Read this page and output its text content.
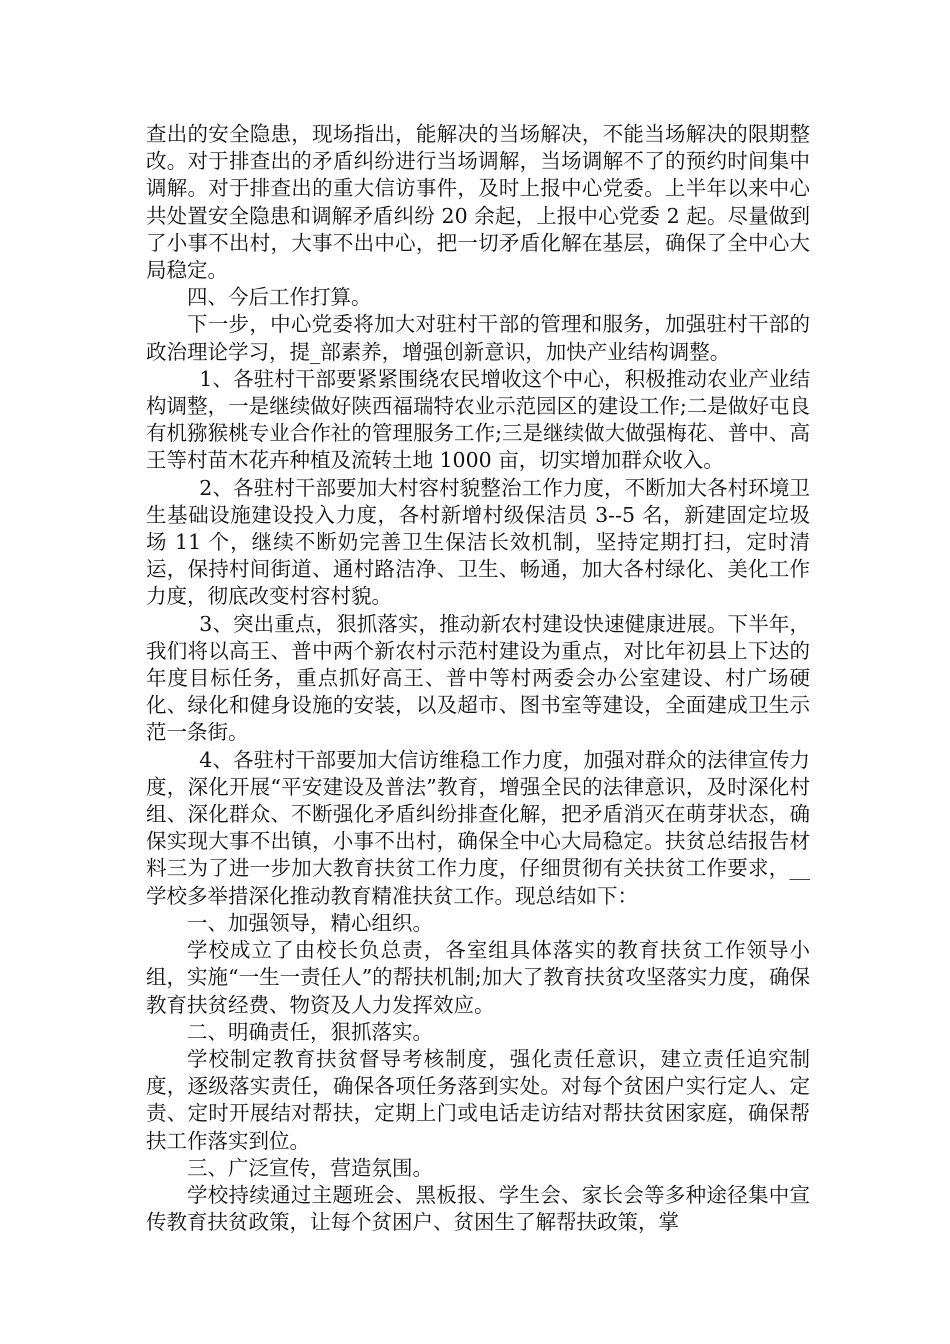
查出的安全隐患，现场指出，能解决的当场解决，不能当场解决的限期整改。对于排查出的矛盾纠纷进行当场调解，当场调解不了的预约时间集中调解。对于排查出的重大信访事件，及时上报中心党委。上半年以来中心共处置安全隐患和调解矛盾纠纷 20 余起，上报中心党委 2 起。尽量做到了小事不出村，大事不出中心，把一切矛盾化解在基层，确保了全中心大局稳定。

四、今后工作打算。

下一步，中心党委将加大对驻村干部的管理和服务，加强驻村干部的政治理论学习，提_部素养，增强创新意识，加快产业结构调整。

1、各驻村干部要紧紧围绕农民增收这个中心，积极推动农业产业结构调整，一是继续做好陕西福瑞特农业示范园区的建设工作;二是做好屯良有机猕猴桃专业合作社的管理服务工作;三是继续做大做强梅花、普中、高王等村苗木花卉种植及流转土地 1000 亩，切实增加群众收入。

2、各驻村干部要加大村容村貌整治工作力度，不断加大各村环境卫生基础设施建设投入力度，各村新增村级保洁员 3--5 名，新建固定垃圾场 11 个，继续不断奶完善卫生保洁长效机制，坚持定期打扫，定时清运，保持村间街道、通村路洁净、卫生、畅通，加大各村绿化、美化工作力度，彻底改变村容村貌。

3、突出重点，狠抓落实，推动新农村建设快速健康进展。下半年，我们将以高王、普中两个新农村示范村建设为重点，对比年初县上下达的年度目标任务，重点抓好高王、普中等村两委会办公室建设、村广场硬化、绿化和健身设施的安装，以及超市、图书室等建设，全面建成卫生示范一条街。

4、各驻村干部要加大信访维稳工作力度，加强对群众的法律宣传力度，深化开展“平安建设及普法”教育，增强全民的法律意识，及时深化村组、深化群众、不断强化矛盾纠纷排查化解，把矛盾消灭在萌芽状态，确保实现大事不出镇，小事不出村，确保全中心大局稳定。扶贫总结报告材料三为了进一步加大教育扶贫工作力度，仔细贯彻有关扶贫工作要求，__学校多举措深化推动教育精准扶贫工作。现总结如下：

一、加强领导，精心组织。

学校成立了由校长负总责，各室组具体落实的教育扶贫工作领导小组，实施“一生一责任人”的帮扶机制;加大了教育扶贫攻坚落实力度，确保教育扶贫经费、物资及人力发挥效应。

二、明确责任，狠抓落实。

学校制定教育扶贫督导考核制度，强化责任意识，建立责任追究制度，逐级落实责任，确保各项任务落到实处。对每个贫困户实行定人、定责、定时开展结对帮扶，定期上门或电话走访结对帮扶贫困家庭，确保帮扶工作落实到位。

三、广泛宣传，营造氛围。

学校持续通过主题班会、黑板报、学生会、家长会等多种途径集中宣传教育扶贫政策，让每个贫困户、贫困生了解帮扶政策，掌
